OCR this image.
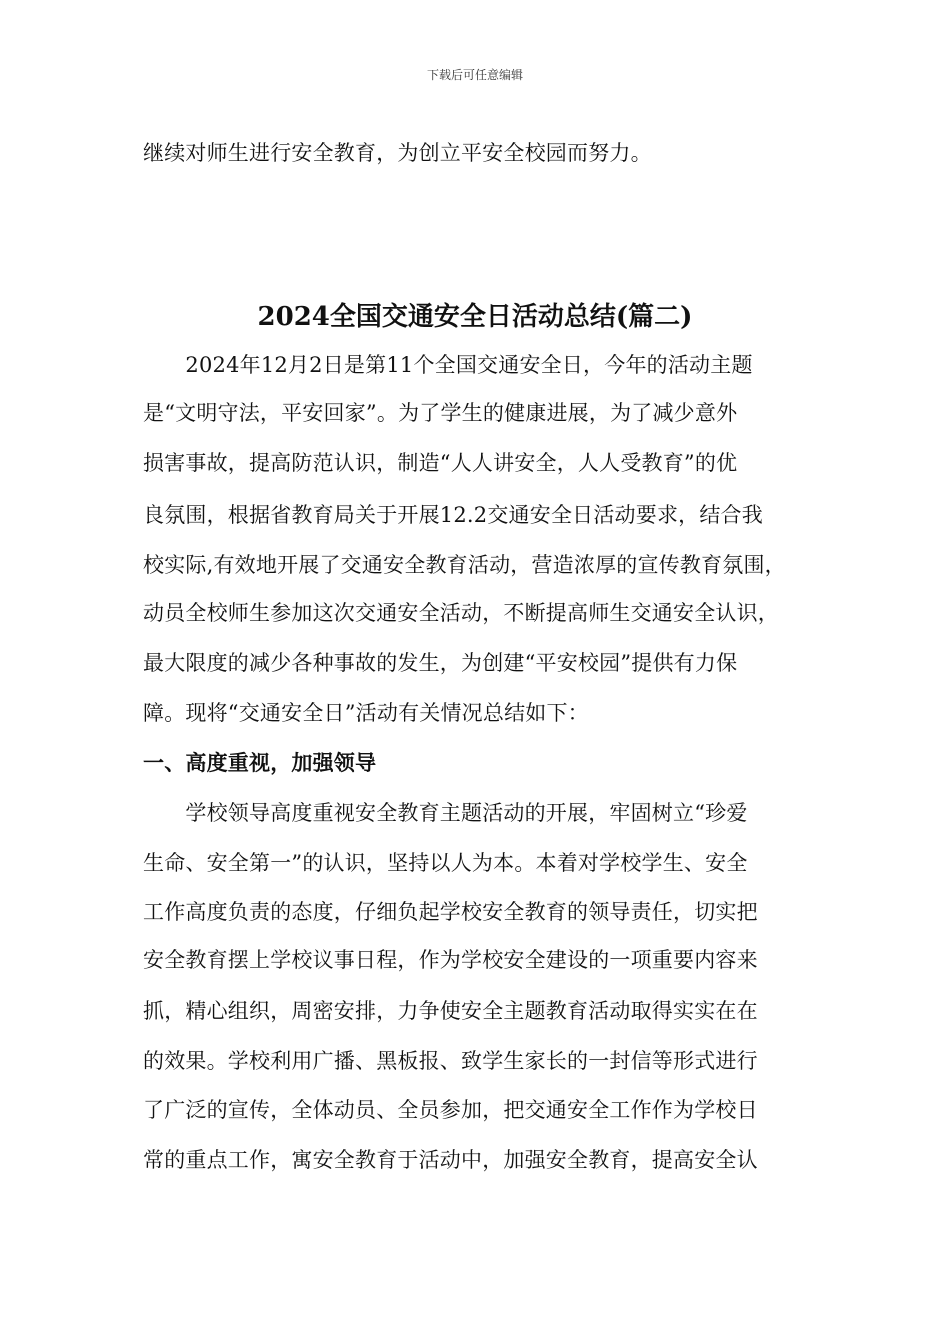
下载后可任意编辑
继续对师生进行安全教育，为创立平安全校园而努力。
2024全国交通安全日活动总结(篇二)
　　2024年12月2日是第11个全国交通安全日，今年的活动主题
是“文明守法，平安回家”。为了学生的健康进展，为了减少意外
损害事故，提高防范认识，制造“人人讲安全，人人受教育”的优
良氛围，根据省教育局关于开展12.2交通安全日活动要求，结合我
校实际,有效地开展了交通安全教育活动，营造浓厚的宣传教育氛围，
动员全校师生参加这次交通安全活动，不断提高师生交通安全认识，
最大限度的减少各种事故的发生，为创建“平安校园”提供有力保
障。现将“交通安全日”活动有关情况总结如下：
一、高度重视，加强领导
　　学校领导高度重视安全教育主题活动的开展，牢固树立“珍爱
生命、安全第一”的认识，坚持以人为本。本着对学校学生、安全
工作高度负责的态度，仔细负起学校安全教育的领导责任，切实把
安全教育摆上学校议事日程，作为学校安全建设的一项重要内容来
抓，精心组织，周密安排，力争使安全主题教育活动取得实实在在
的效果。学校利用广播、黑板报、致学生家长的一封信等形式进行
了广泛的宣传，全体动员、全员参加，把交通安全工作作为学校日
常的重点工作，寓安全教育于活动中，加强安全教育，提高安全认
